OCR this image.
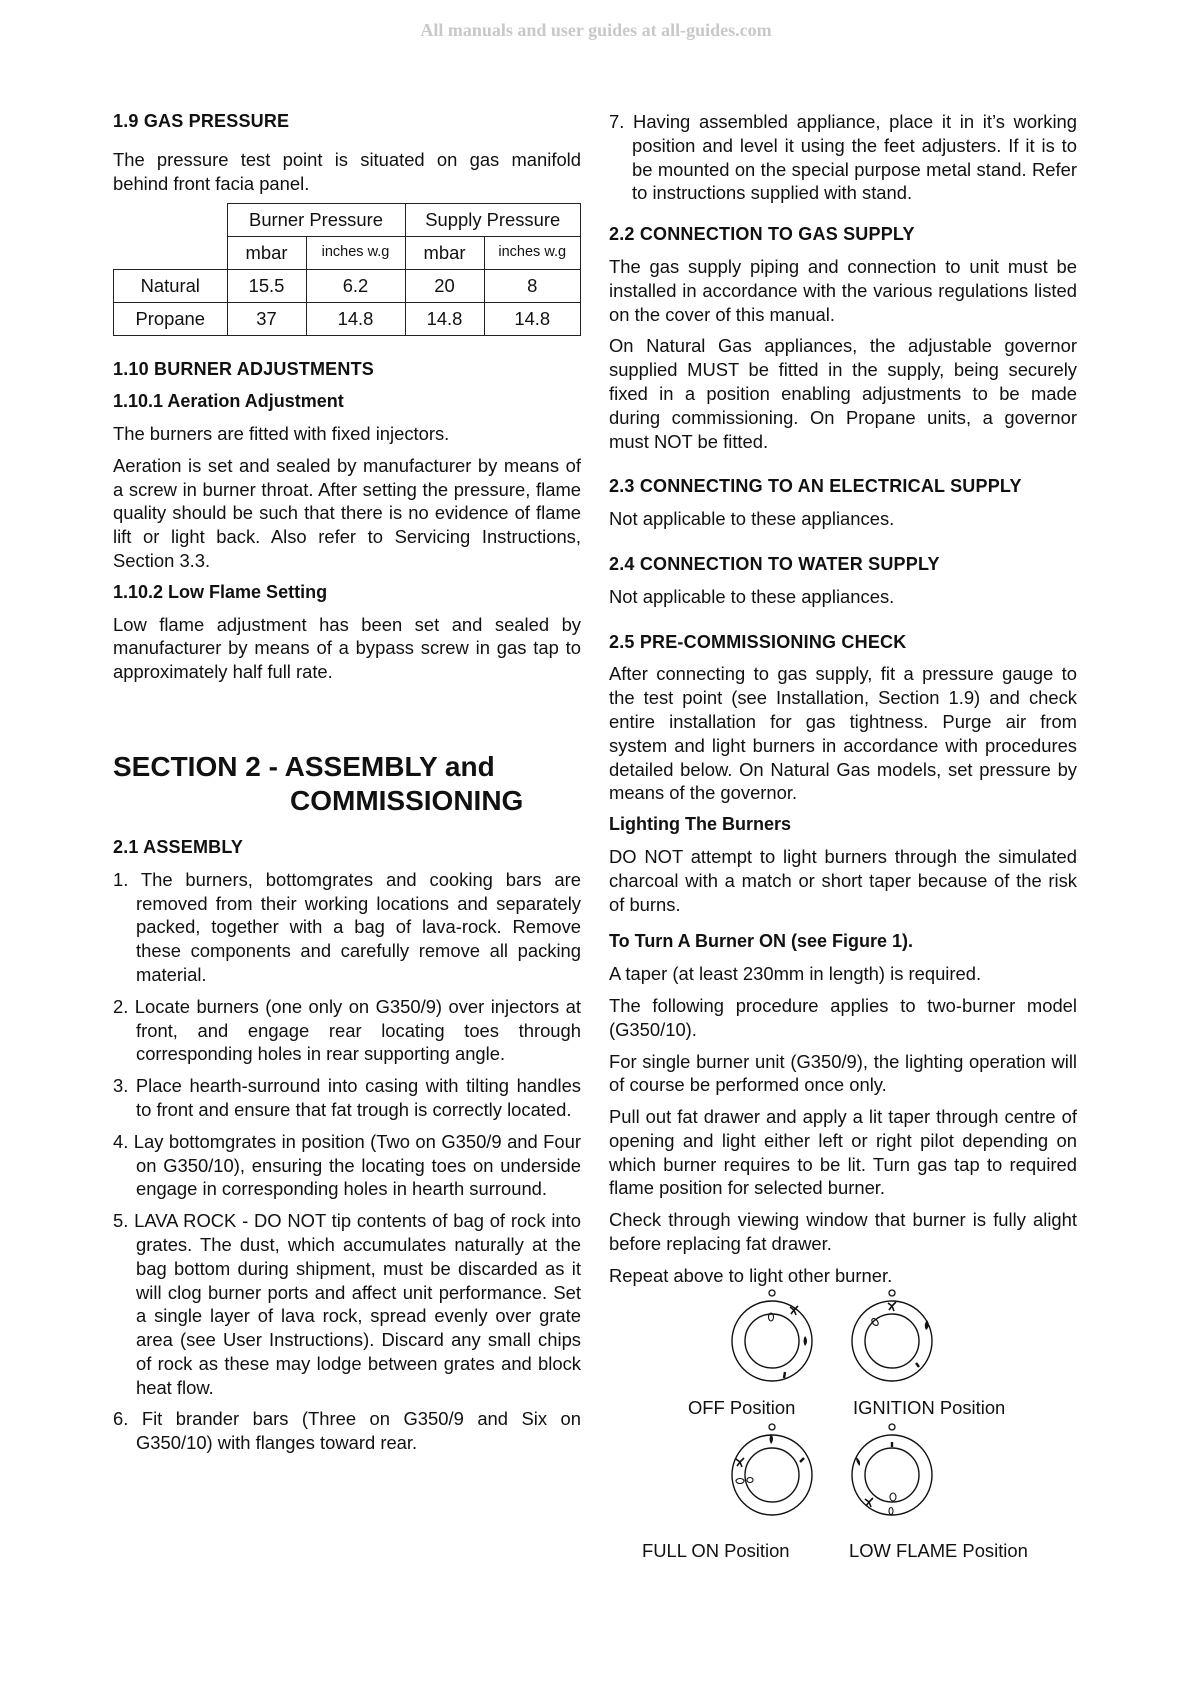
All manuals and user guides at all-guides.com
1.9 GAS PRESSURE

The pressure test point is situated on gas manifold behind front facia panel.

	Burner Pressure		Supply Pressure	
	mbar	inches w.g	mbar	inches w.g
Natural	15.5	6.2	20	8
Propane	37	14.8	14.8	14.8
1.10 BURNER ADJUSTMENTS
1.10.1 Aeration Adjustment

The burners are fitted with fixed injectors.

Aeration is set and sealed by manufacturer by means of a screw in burner throat. After setting the pressure, flame quality should be such that there is no evidence of flame lift or light back. Also refer to Servicing Instructions, Section 3.3.

1.10.2 Low Flame Setting

Low flame adjustment has been set and sealed by manufacturer by means of a bypass screw in gas tap to approximately half full rate.

SECTION 2 - ASSEMBLY and
COMMISSIONING
2.1 ASSEMBLY
1. The burners, bottomgrates and cooking bars are removed from their working locations and separately packed, together with a bag of lava-rock. Remove these components and carefully remove all packing material.
2. Locate burners (one only on G350/9) over injectors at front, and engage rear locating toes through corresponding holes in rear supporting angle.
3. Place hearth-surround into casing with tilting handles to front and ensure that fat trough is correctly located.
4. Lay bottomgrates in position (Two on G350/9 and Four on G350/10), ensuring the locating toes on underside engage in corresponding holes in hearth surround.
5. LAVA ROCK - DO NOT tip contents of bag of rock into grates. The dust, which accumulates naturally at the bag bottom during shipment, must be discarded as it will clog burner ports and affect unit performance. Set a single layer of lava rock, spread evenly over grate area (see User Instructions). Discard any small chips of rock as these may lodge between grates and block heat flow.
6. Fit brander bars (Three on G350/9 and Six on G350/10) with flanges toward rear.
7. Having assembled appliance, place it in it’s working position and level it using the feet adjusters. If it is to be mounted on the special purpose metal stand. Refer to instructions supplied with stand.
2.2 CONNECTION TO GAS SUPPLY

The gas supply piping and connection to unit must be installed in accordance with the various regulations listed on the cover of this manual.

On Natural Gas appliances, the adjustable governor supplied MUST be fitted in the supply, being securely fixed in a position enabling adjustments to be made during commissioning. On Propane units, a governor must NOT be fitted.

2.3 CONNECTING TO AN ELECTRICAL SUPPLY

Not applicable to these appliances.

2.4 CONNECTION TO WATER SUPPLY

Not applicable to these appliances.

2.5 PRE-COMMISSIONING CHECK

After connecting to gas supply, fit a pressure gauge to the test point (see Installation, Section 1.9) and check entire installation for gas tightness. Purge air from system and light burners in accordance with procedures detailed below. On Natural Gas models, set pressure by means of the governor.

Lighting The Burners

DO NOT attempt to light burners through the simulated charcoal with a match or short taper because of the risk of burns.

To Turn A Burner ON (see Figure 1).

A taper (at least 230mm in length) is required.

The following procedure applies to two-burner model (G350/10).

For single burner unit (G350/9), the lighting operation will of course be performed once only.

Pull out fat drawer and apply a lit taper through centre of opening and light either left or right pilot depending on which burner requires to be lit. Turn gas tap to required flame position for selected burner.

Check through viewing window that burner is fully alight before replacing fat drawer.

Repeat above to light other burner.

OFF Position	IGNITION Position
FULL ON Position	LOW FLAME Position
